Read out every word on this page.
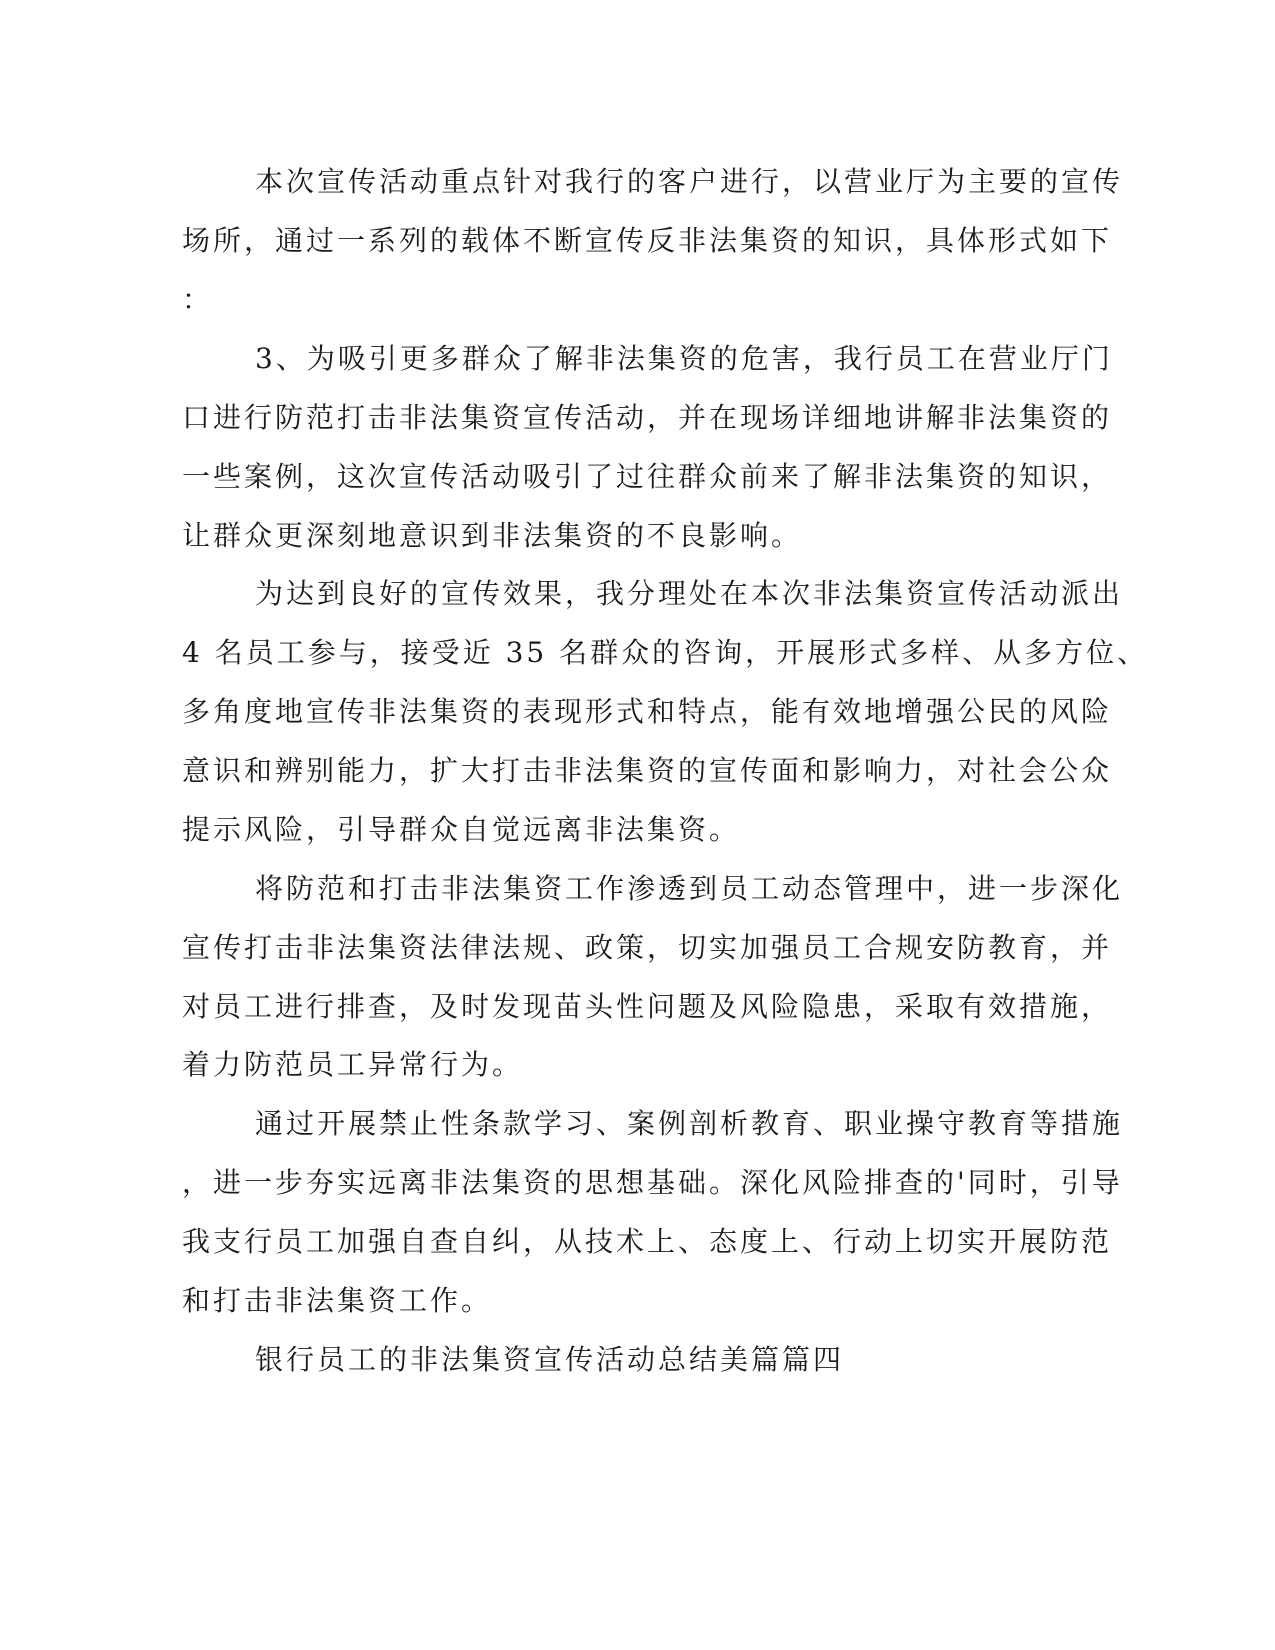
本次宣传活动重点针对我行的客户进行，以营业厅为主要的宣传
场所，通过一系列的载体不断宣传反非法集资的知识，具体形式如下
：
3、为吸引更多群众了解非法集资的危害，我行员工在营业厅门
口进行防范打击非法集资宣传活动，并在现场详细地讲解非法集资的
一些案例，这次宣传活动吸引了过往群众前来了解非法集资的知识，
让群众更深刻地意识到非法集资的不良影响。
为达到良好的宣传效果，我分理处在本次非法集资宣传活动派出
4 名员工参与，接受近 35 名群众的咨询，开展形式多样、从多方位、
多角度地宣传非法集资的表现形式和特点，能有效地增强公民的风险
意识和辨别能力，扩大打击非法集资的宣传面和影响力，对社会公众
提示风险，引导群众自觉远离非法集资。
将防范和打击非法集资工作渗透到员工动态管理中，进一步深化
宣传打击非法集资法律法规、政策，切实加强员工合规安防教育，并
对员工进行排查，及时发现苗头性问题及风险隐患，采取有效措施，
着力防范员工异常行为。
通过开展禁止性条款学习、案例剖析教育、职业操守教育等措施
，进一步夯实远离非法集资的思想基础。深化风险排查的'同时，引导
我支行员工加强自查自纠，从技术上、态度上、行动上切实开展防范
和打击非法集资工作。
银行员工的非法集资宣传活动总结美篇篇四
